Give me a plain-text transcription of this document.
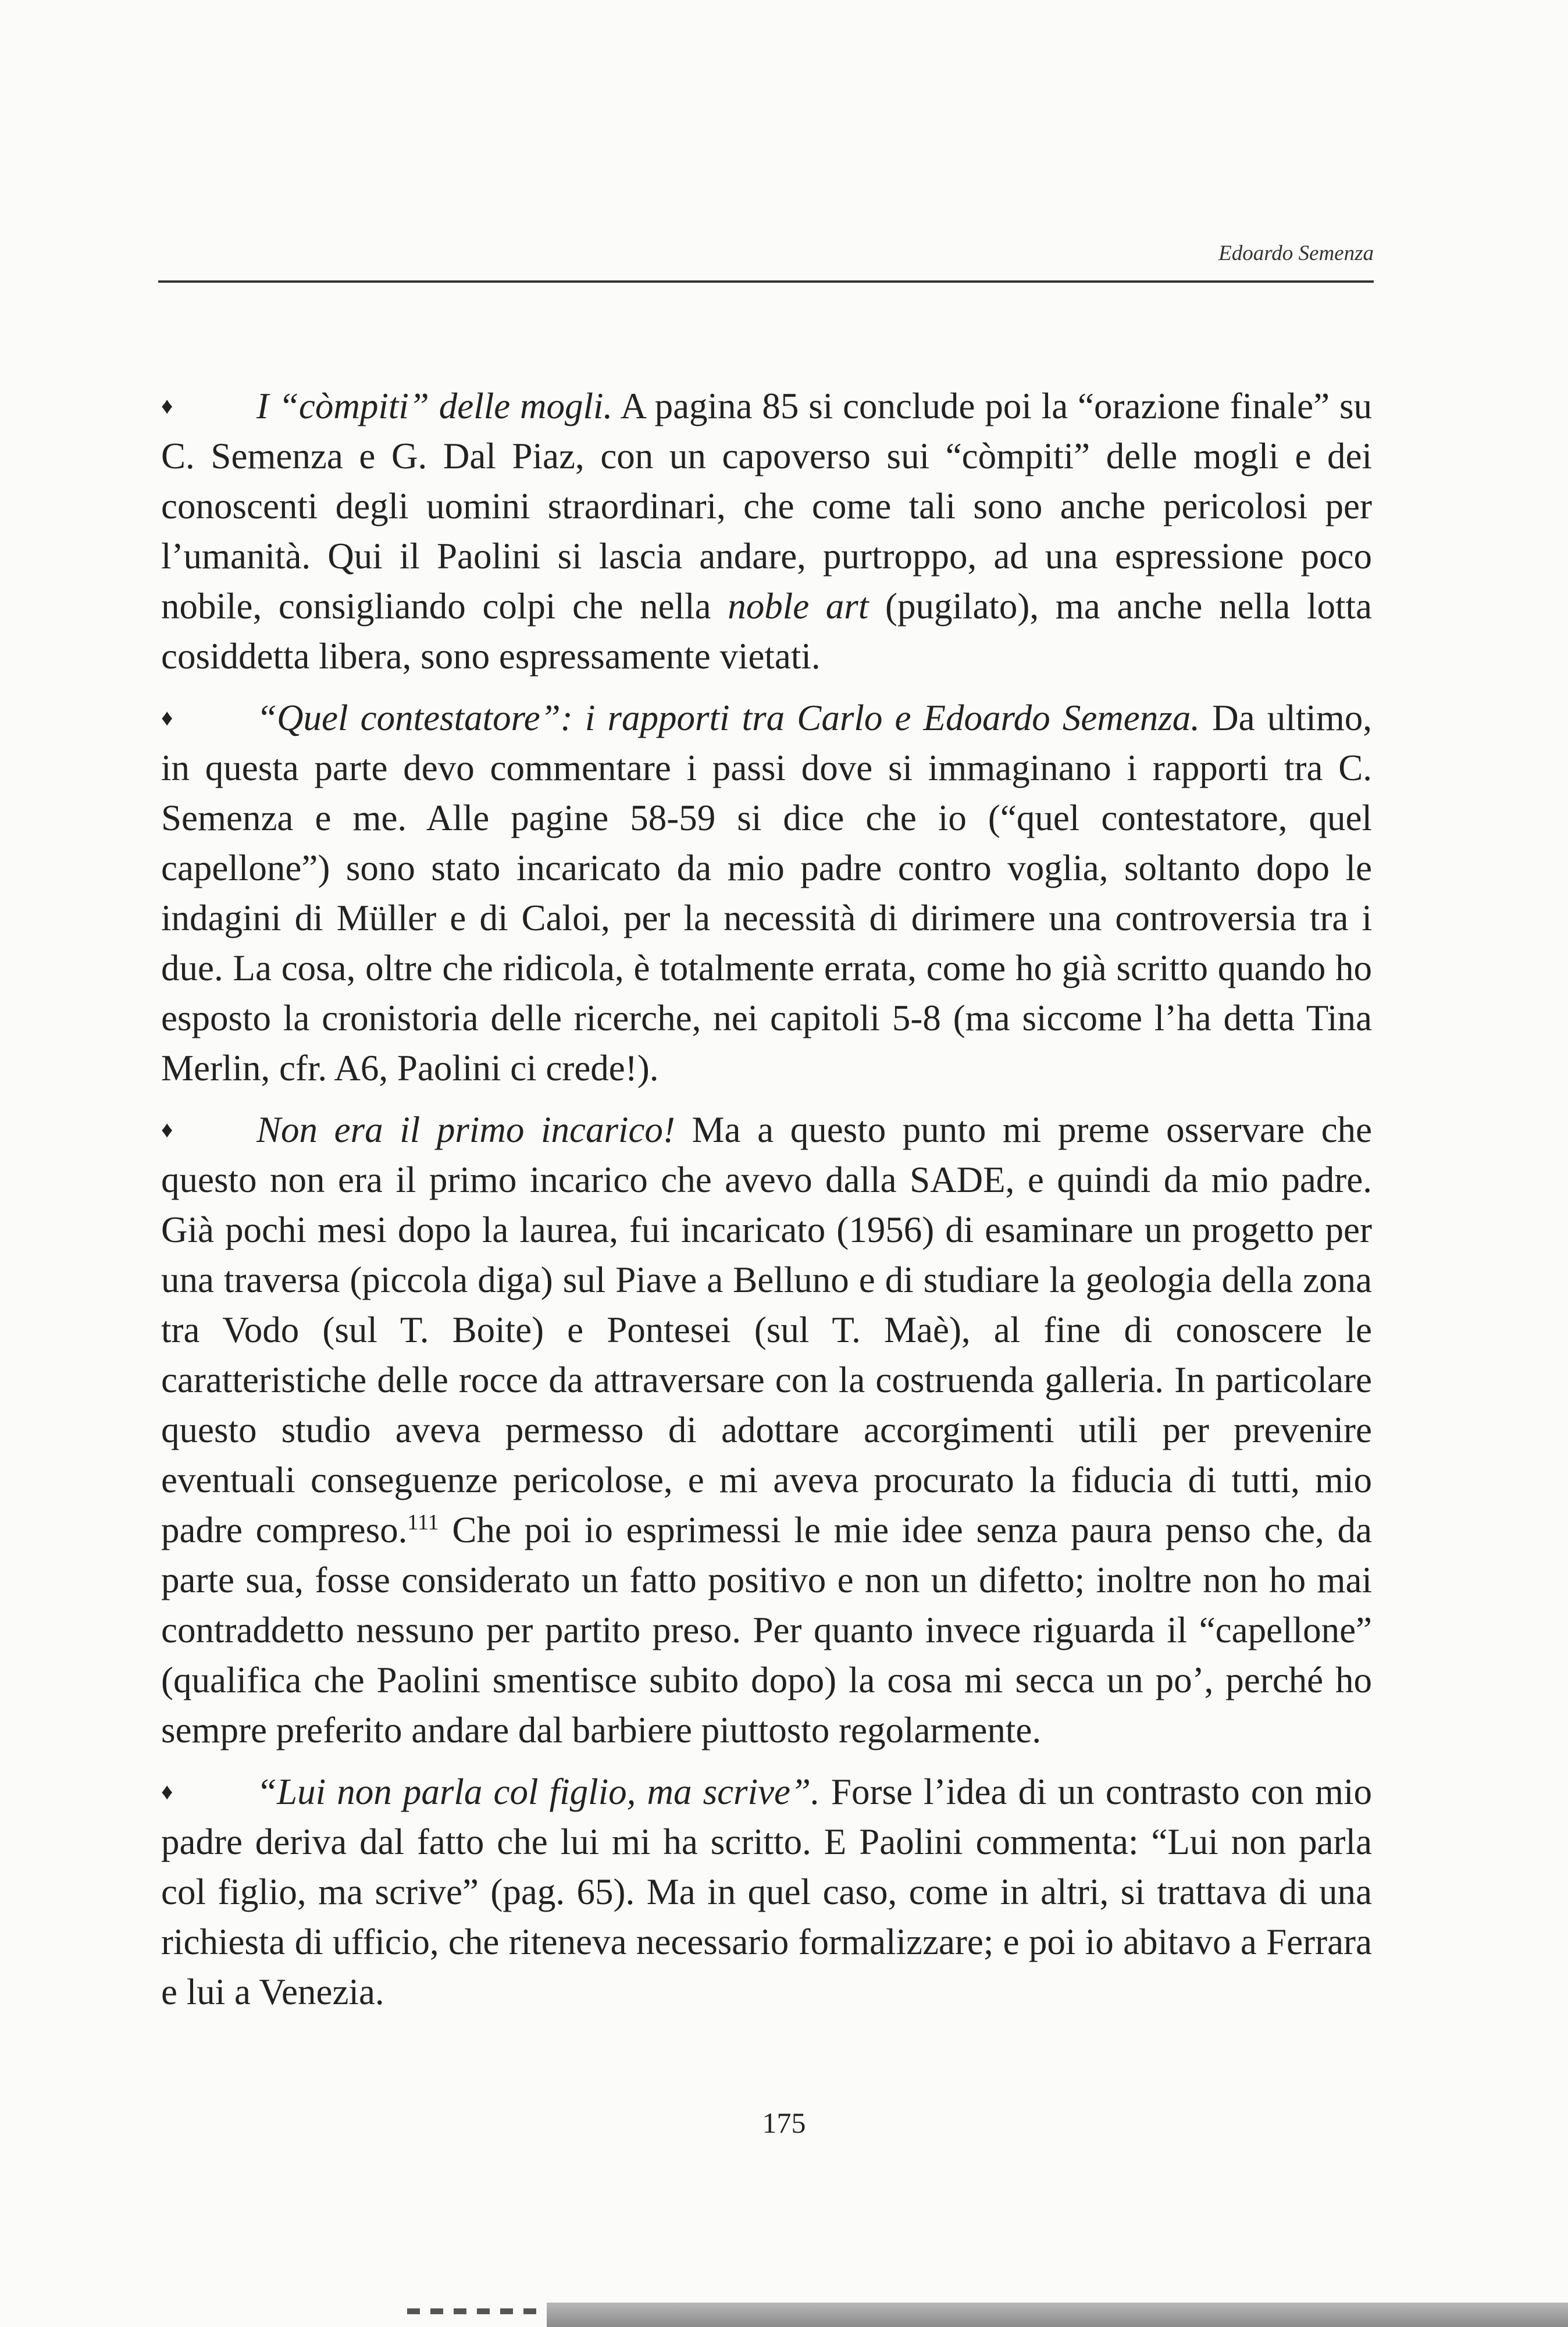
Edoardo Semenza

♦ I “còmpiti” delle mogli. A pagina 85 si conclude poi la “orazione finale” su C. Semenza e G. Dal Piaz, con un capoverso sui “còmpiti” delle mogli e dei conoscenti degli uomini straordinari, che come tali sono anche pericolosi per l’umanità. Qui il Paolini si lascia andare, purtroppo, ad una espressione poco nobile, consigliando colpi che nella noble art (pugilato), ma anche nella lotta cosiddetta libera, sono espressamente vietati.

♦ “Quel contestatore”: i rapporti tra Carlo e Edoardo Semenza. Da ultimo, in questa parte devo commentare i passi dove si immaginano i rapporti tra C. Semenza e me. Alle pagine 58-59 si dice che io (“quel contestatore, quel capellone”) sono stato incaricato da mio padre contro voglia, soltanto dopo le indagini di Müller e di Caloi, per la necessità di dirimere una controversia tra i due. La cosa, oltre che ridicola, è totalmente errata, come ho già scritto quando ho esposto la cronistoria delle ricerche, nei capitoli 5-8 (ma siccome l’ha detta Tina Merlin, cfr. A6, Paolini ci crede!).

♦ Non era il primo incarico! Ma a questo punto mi preme osservare che questo non era il primo incarico che avevo dalla SADE, e quindi da mio padre. Già pochi mesi dopo la laurea, fui incaricato (1956) di esaminare un progetto per una traversa (piccola diga) sul Piave a Belluno e di studiare la geologia della zona tra Vodo (sul T. Boite) e Pontesei (sul T. Maè), al fine di conoscere le caratteristiche delle rocce da attraversare con la costruenda galleria. In particolare questo studio aveva permesso di adottare accorgimenti utili per prevenire eventuali conseguenze pericolose, e mi aveva procurato la fiducia di tutti, mio padre compreso.$^{111}$ Che poi io esprimessi le mie idee senza paura penso che, da parte sua, fosse considerato un fatto positivo e non un difetto; inoltre non ho mai contraddetto nessuno per partito preso. Per quanto invece riguarda il “capellone” (qualifica che Paolini smentisce subito dopo) la cosa mi secca un po’, perché ho sempre preferito andare dal barbiere piuttosto regolarmente.

♦ “Lui non parla col figlio, ma scrive”. Forse l’idea di un contrasto con mio padre deriva dal fatto che lui mi ha scritto. E Paolini commenta: “Lui non parla col figlio, ma scrive” (pag. 65). Ma in quel caso, come in altri, si trattava di una richiesta di ufficio, che riteneva necessario formalizzare; e poi io abitavo a Ferrara e lui a Venezia.

175
